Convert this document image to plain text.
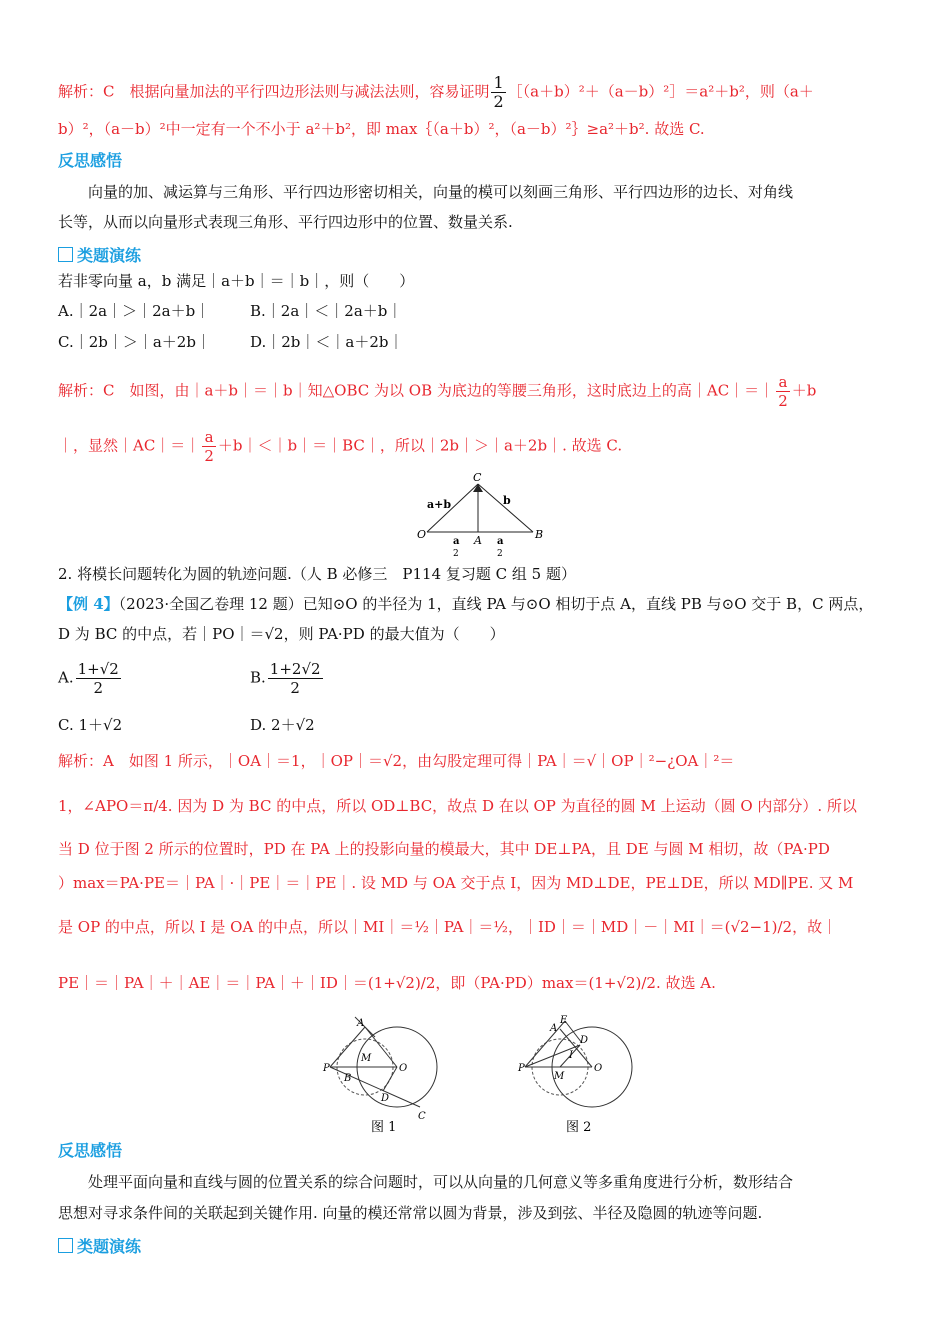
解析：C　根据向量加法的平行四边形法则与减法法则，容易证明 $\frac{1}{2}$ ［（a＋b）²＋（a－b）²］＝a²＋b²，则（a＋
b）²，（a－b）²中一定有一个不小于 a²＋b²，即 max｛（a＋b）²，（a－b）²｝≥a²＋b². 故选 C.
反思感悟
向量的加、减运算与三角形、平行四边形密切相关，向量的模可以刻画三角形、平行四边形的边长、对角线
长等，从而以向量形式表现三角形、平行四边形中的位置、数量关系.
类题演练
若非零向量 a，b 满足｜a＋b｜＝｜b｜，则（　　）
A.｜2a｜＞｜2a＋b｜	B.｜2a｜＜｜2a＋b｜
C.｜2b｜＞｜a＋2b｜	D.｜2b｜＜｜a＋2b｜
解析：C　如图，由｜a＋b｜＝｜b｜知△OBC 为以 OB 为底边的等腰三角形，这时底边上的高｜AC｜＝｜ $\frac{a}{2} +b$
｜，显然｜AC｜＝｜ $\frac{a}{2}$ ＋b｜＜｜b｜＝｜BC｜，所以｜2b｜＞｜a＋2b｜. 故选 C.
C
O	A	B
a+b	b
a
2
a
2
2. 将模长问题转化为圆的轨迹问题.（人 B 必修三　P114 复习题 C 组 5 题）
【例 4】（2023·全国乙卷理 12 题）已知⊙O 的半径为 1，直线 PA 与⊙O 相切于点 A，直线 PB 与⊙O 交于 B，C 两点，
D 为 BC 的中点，若｜PO｜＝√2，则 PA·PD 的最大值为（　　）
A. $\frac{1+√2}{2}$	B. $\frac{1+2√2}{2}$
C. 1＋√2	D. 2＋√2
解析：A　如图 1 所示，｜OA｜＝1，｜OP｜＝√2，由勾股定理可得｜PA｜＝√｜OP｜²−¿OA｜²＝
1，∠APO＝π/4. 因为 D 为 BC 的中点，所以 OD⊥BC，故点 D 在以 OP 为直径的圆 M 上运动（圆 O 内部分）. 所以
当 D 位于图 2 所示的位置时，PD 在 PA 上的投影向量的模最大，其中 DE⊥PA，且 DE 与圆 M 相切，故（PA·PD
）max＝PA·PE＝｜PA｜·｜PE｜＝｜PE｜. 设 MD 与 OA 交于点 I，因为 MD⊥DE，PE⊥DE，所以 MD∥PE. 又 M
是 OP 的中点，所以 I 是 OA 的中点，所以｜MI｜＝½｜PA｜＝½，｜ID｜＝｜MD｜－｜MI｜＝(√2−1)/2，故｜
PE｜＝｜PA｜＋｜AE｜＝｜PA｜＋｜ID｜＝(1+√2)/2，即（PA·PD）max＝(1+√2)/2. 故选 A.
A
P
M
O
B
D
C
图 1
A
E
D
I
P
M
O
图 2
反思感悟
处理平面向量和直线与圆的位置关系的综合问题时，可以从向量的几何意义等多重角度进行分析，数形结合
思想对寻求条件间的关联起到关键作用. 向量的模还常常以圆为背景，涉及到弦、半径及隐圆的轨迹等问题.
类题演练
